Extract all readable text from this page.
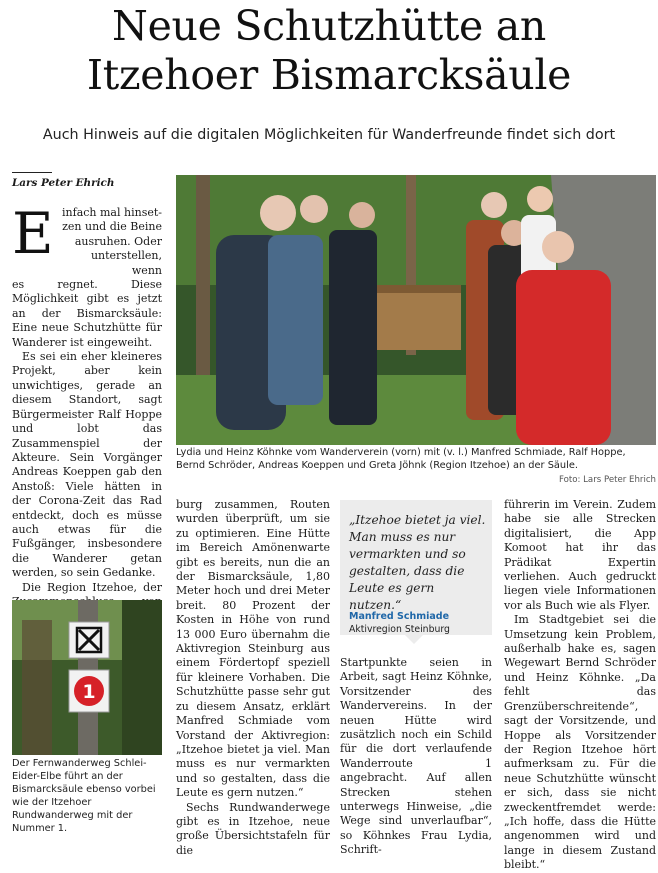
Neue Schutzhütte an
Itzehoer Bismarcksäule
Auch Hinweis auf die digitalen Möglichkeiten für Wanderfreunde findet sich dort
Lars Peter Ehrich
E infach mal hinset-
zen und die Beine
ausruhen. Oder
unterstellen, wenn

es regnet. Diese Möglichkeit gibt es jetzt an der Bismarcksäule: Eine neue Schutzhütte für Wanderer ist eingeweiht.

Es sei ein eher kleineres Projekt, aber kein unwichtiges, gerade an diesem Standort, sagt Bürgermeister Ralf Hoppe und lobt das Zusammenspiel der Akteure. Sein Vorgänger Andreas Koeppen gab den Anstoß: Viele hätten in der Corona-Zeit das Rad entdeckt, doch es müsse auch etwas für die Fußgänger, insbesondere die Wanderer getan werden, so sein Gedanke.

Die Region Itzehoe, der

1
Der Fernwanderweg Schlei-Eider-Elbe führt an der Bismarcksäule ebenso vorbei wie der Itzehoer Rundwanderweg mit der Nummer 1.
Lydia und Heinz Köhnke vom Wanderverein (vorn) mit (v. l.) Manfred Schmiade, Ralf Hoppe, Bernd Schröder, Andreas Koeppen und Greta Jöhnk (Region Itzehoe) an der Säule.
Foto: Lars Peter Ehrich

burg zusammen, Routen wurden überprüft, um sie zu optimieren. Eine Hütte im Bereich Amönenwarte gibt es bereits, nun die an der Bismarcksäule, 1,80 Meter hoch und drei Meter breit. 80 Prozent der Kosten in Höhe von rund 13 000 Euro übernahm die Aktivregion Steinburg aus einem Fördertopf speziell für kleinere Vorhaben. Die Schutzhütte passe sehr gut zu diesem Ansatz, erklärt Manfred Schmiade vom Vorstand der Aktivregion: „Itzehoe bietet ja viel. Man muss es nur vermarkten und so gestalten, dass die Leute es gern nutzen.“

Sechs Rundwanderwege gibt es in Itzehoe, neue große Übersichtstafeln für die

„Itzehoe bietet ja viel. Man muss es nur vermarkten und so gestalten, dass die Leute es gern nutzen.“
Manfred Schmiade
Aktivregion Steinburg

Startpunkte seien in Arbeit, sagt Heinz Köhnke, Vorsitzender des Wandervereins. In der neuen Hütte wird zusätzlich noch ein Schild für die dort verlaufende Wanderroute 1 angebracht. Auf allen Strecken stehen unterwegs Hinweise, „die Wege sind unverlaufbar“, so Köhnkes Frau Lydia, Schrift-

führerin im Verein. Zudem habe sie alle Strecken digitalisiert, die App Komoot hat ihr das Prädikat Expertin verliehen. Auch gedruckt liegen viele Informationen vor als Buch wie als Flyer.

Im Stadtgebiet sei die Umsetzung kein Problem, außerhalb hake es, sagen Wegewart Bernd Schröder und Heinz Köhnke. „Da fehlt das Grenzüberschreitende“, sagt der Vorsitzende, und Hoppe als Vorsitzender der Region Itzehoe hört aufmerksam zu. Für die neue Schutzhütte wünscht er sich, dass sie nicht zweckentfremdet werde: „Ich hoffe, dass die Hütte angenommen wird und lange in diesem Zustand bleibt.“
